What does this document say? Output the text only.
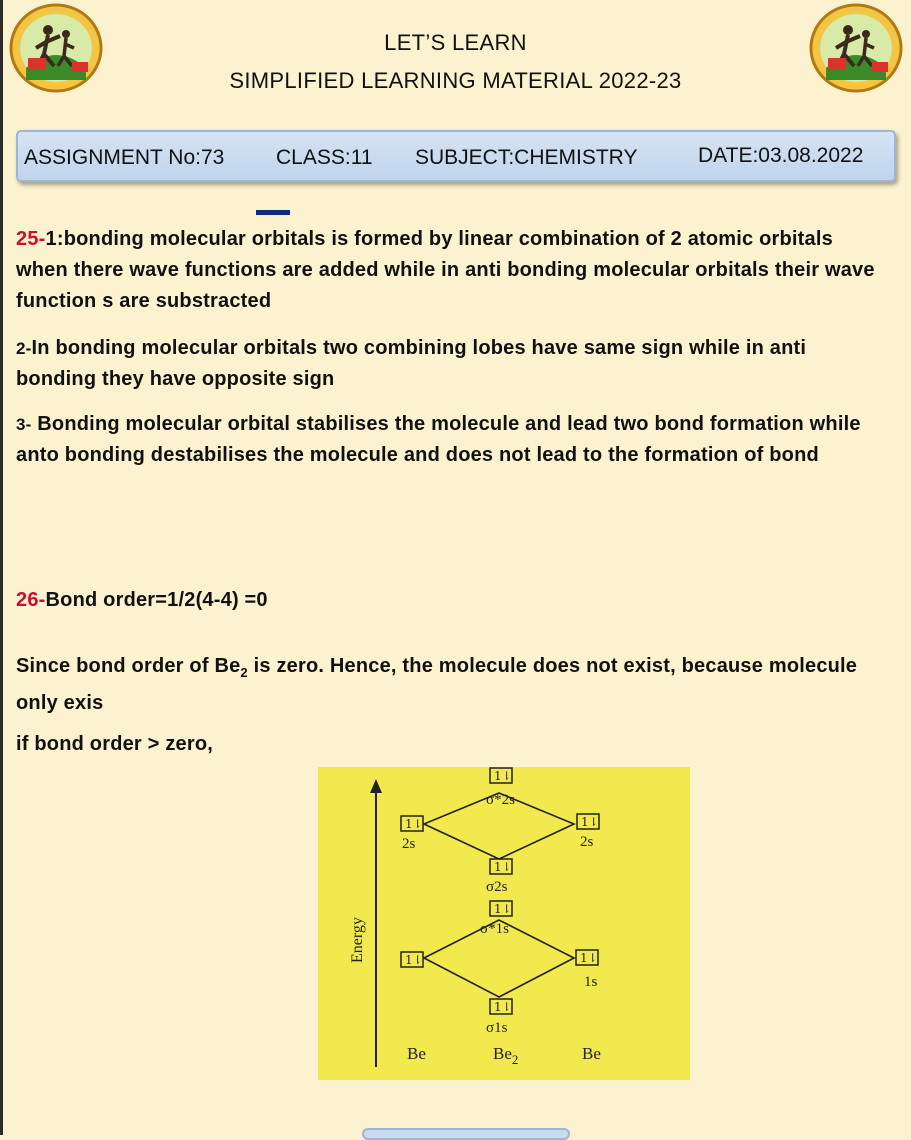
LET’S LEARN
SIMPLIFIED LEARNING MATERIAL 2022-23
ASSIGNMENT No:73 CLASS:11 SUBJECT:CHEMISTRY	DATE:03.08.2022
25-1:bonding molecular orbitals is formed by linear combination of 2 atomic orbitals when there wave functions are added while in anti bonding molecular orbitals their wave function s are substracted
2-In bonding molecular orbitals two combining lobes have same sign while in anti bonding they have opposite sign
3- Bonding molecular orbital stabilises the molecule and lead two bond formation while anto bonding destabilises the molecule and does not lead to the formation of bond
26-Bond order=1/2(4-4) =0
Since bond order of $Be_2$ is zero. Hence, the molecule does not exist, because molecule only exis
if bond order > zero,
Energy
1⇂
σ*2s
1⇂
2s
1⇂
2s
1⇂
σ2s
1⇂
σ*1s
1⇂	1⇂
1s
1⇂
σ1s
Be	$Be_2$	Be
